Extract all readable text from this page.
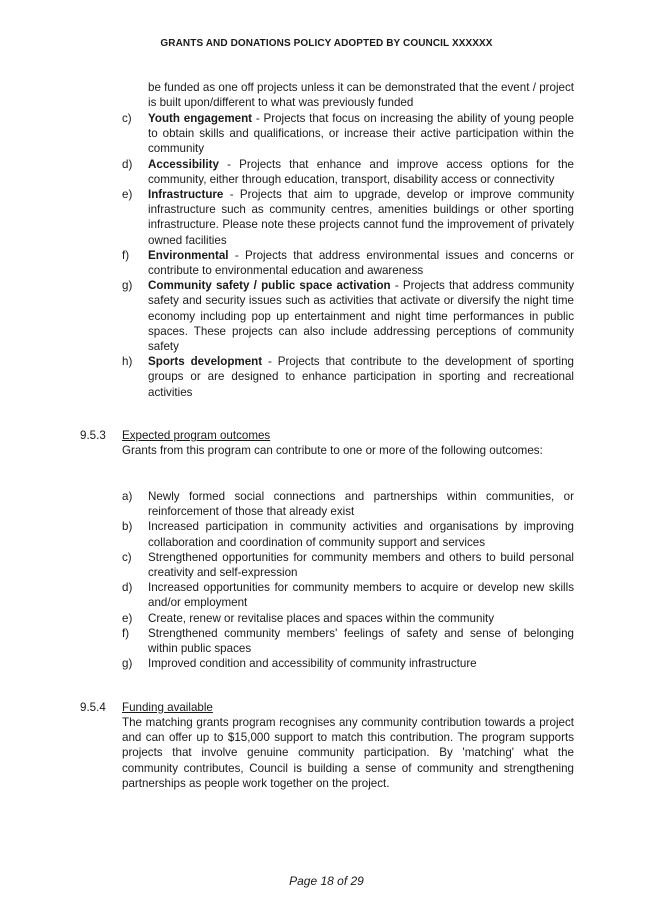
GRANTS AND DONATIONS POLICY ADOPTED BY COUNCIL XXXXXX
be funded as one off projects unless it can be demonstrated that the event / project is built upon/different to what was previously funded
c)	Youth engagement - Projects that focus on increasing the ability of young people to obtain skills and qualifications, or increase their active participation within the community
d)	Accessibility - Projects that enhance and improve access options for the community, either through education, transport, disability access or connectivity
e)	Infrastructure - Projects that aim to upgrade, develop or improve community infrastructure such as community centres, amenities buildings or other sporting infrastructure. Please note these projects cannot fund the improvement of privately owned facilities
f)	Environmental - Projects that address environmental issues and concerns or contribute to environmental education and awareness
g)	Community safety / public space activation - Projects that address community safety and security issues such as activities that activate or diversify the night time economy including pop up entertainment and night time performances in public spaces. These projects can also include addressing perceptions of community safety
h)	Sports development - Projects that contribute to the development of sporting groups or are designed to enhance participation in sporting and recreational activities
9.5.3	Expected program outcomes
Grants from this program can contribute to one or more of the following outcomes:
a)	Newly formed social connections and partnerships within communities, or reinforcement of those that already exist
b)	Increased participation in community activities and organisations by improving collaboration and coordination of community support and services
c)	Strengthened opportunities for community members and others to build personal creativity and self-expression
d)	Increased opportunities for community members to acquire or develop new skills and/or employment
e)	Create, renew or revitalise places and spaces within the community
f)	Strengthened community members' feelings of safety and sense of belonging within public spaces
g)	Improved condition and accessibility of community infrastructure
9.5.4	Funding available
The matching grants program recognises any community contribution towards a project and can offer up to $15,000 support to match this contribution. The program supports projects that involve genuine community participation. By 'matching' what the community contributes, Council is building a sense of community and strengthening partnerships as people work together on the project.
Page 18 of 29
